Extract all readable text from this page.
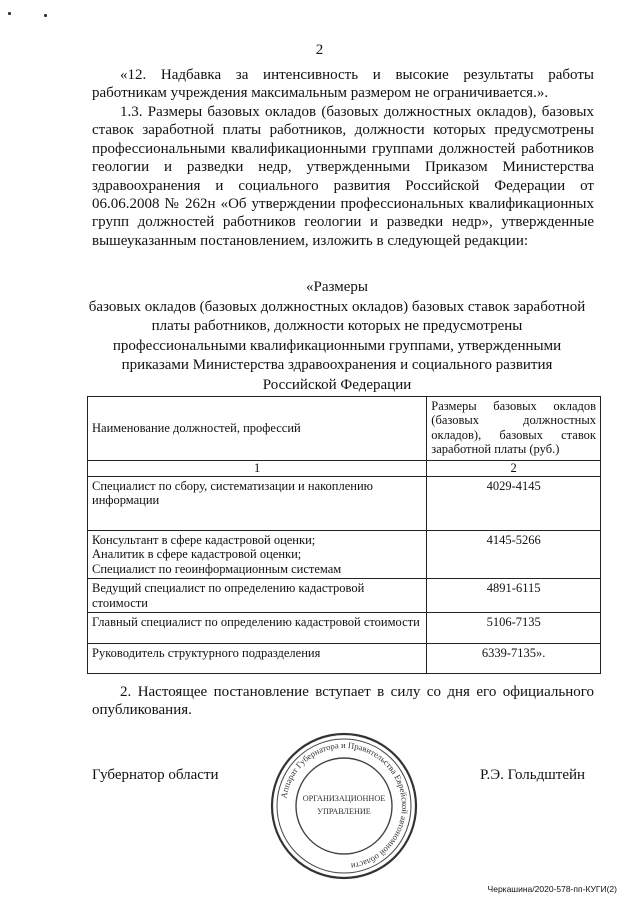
2
«12. Надбавка за интенсивность и высокие результаты работы работникам учреждения максимальным размером не ограничивается.».
1.3. Размеры базовых окладов (базовых должностных окладов), базовых ставок заработной платы работников, должности которых предусмотрены профессиональными квалификационными группами должностей работников геологии и разведки недр, утвержденными Приказом Министерства здравоохранения и социального развития Российской Федерации от 06.06.2008 № 262н «Об утверждении профессиональных квалификационных групп должностей работников геологии и разведки недр», утвержденные вышеуказанным постановлением, изложить в следующей редакции:
«Размеры
базовых окладов (базовых должностных окладов) базовых ставок заработной
платы работников, должности которых не предусмотрены
профессиональными квалификационными группами, утвержденными
приказами Министерства здравоохранения и социального развития
Российской Федерации
Наименование должностей, профессий	Размеры базовых окладов (базовых должностных окладов), базовых ставок заработной платы (руб.)
1	2
Специалист по сбору, систематизации и накоплению информации	4029-4145

Консультант в сфере кадастровой оценки;
Аналитик в сфере кадастровой оценки;
Специалист по геоинформационным системам	4145-5266
Ведущий специалист по определению кадастровой стоимости	4891-6115
Главный специалист по определению кадастровой стоимости	5106-7135
Руководитель структурного подразделения	6339-7135».
2. Настоящее постановление вступает в силу со дня его официального опубликования.
Губернатор области	Р.Э. Гольдштейн
Аппарат Губернатора и Правительства Еврейской автономной области
ОРГАНИЗАЦИОННОЕ
УПРАВЛЕНИЕ
Черкашина/2020-578-пп-КУГИ(2)
